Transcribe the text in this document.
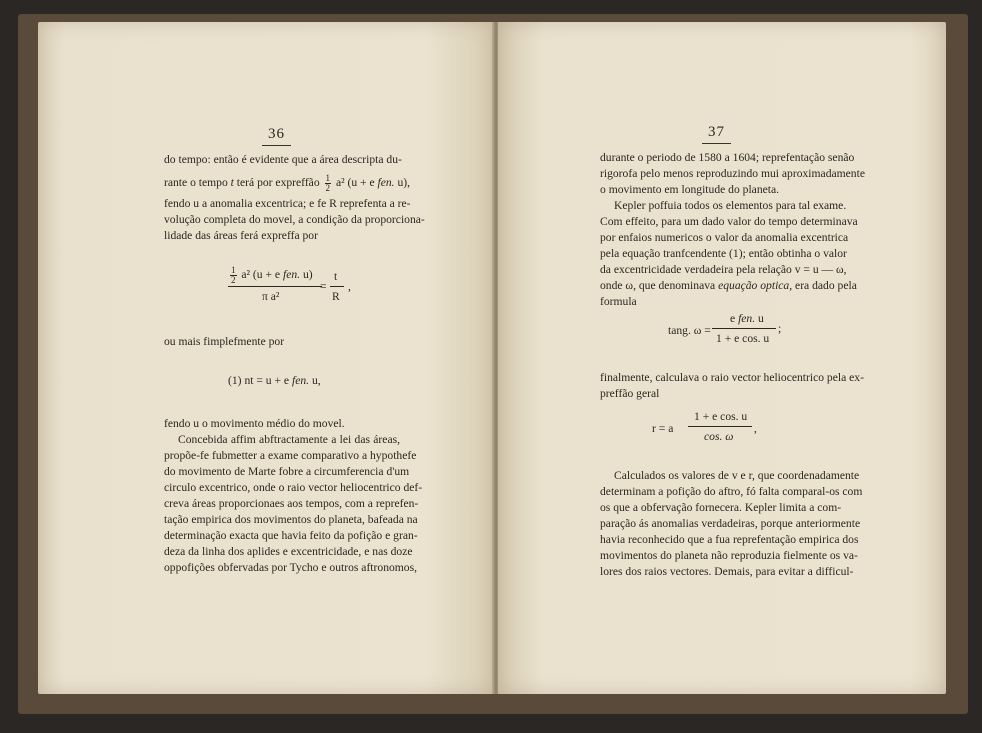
36
do tempo: então é evidente que a área descripta du-
rante o tempo t terá por expreffão $\frac{1}{2} a^2$ (u + e fen. u),
fendo u a anomalia excentrica; e fe R reprefenta a re-
volução completa do movel, a condição da proporciona-
lidade das áreas ferá expreffa por
$\frac{1}{2} a^2$ (u + e fen. u)
π a²
=
t
R
,
ou mais fimplefmente por
(1) nt = u + e fen. u,
fendo u o movimento médio do movel.
Concebida affim abftractamente a lei das áreas,
propõe-fe fubmetter a exame comparativo a hypothefe
do movimento de Marte fobre a circumferencia d'um
circulo excentrico, onde o raio vector heliocentrico def-
creva áreas proporcionaes aos tempos, com a reprefen-
tação empirica dos movimentos do planeta, bafeada na
determinação exacta que havia feito da pofição e gran-
deza da linha dos aplides e excentricidade, e nas doze
oppofições obfervadas por Tycho e outros aftronomos,
37
durante o periodo de 1580 a 1604; reprefentação senão
rigorofa pelo menos reproduzindo mui aproximadamente
o movimento em longitude do planeta.
Kepler poffuia todos os elementos para tal exame.
Com effeito, para um dado valor do tempo determinava
por enfaios numericos o valor da anomalia excentrica
pela equação tranfcendente (1); então obtinha o valor
da excentricidade verdadeira pela relação v = u — ω,
onde ω, que denominava equação optica, era dado pela
formula
tang. ω =
e fen. u
1 + e cos. u
;
finalmente, calculava o raio vector heliocentrico pela ex-
preffão geral
r = a
1 + e cos. u
cos. ω
,
Calculados os valores de v e r, que coordenadamente
determinam a pofição do aftro, fó falta comparal-os com
os que a obfervação fornecera. Kepler limita a com-
paração ás anomalias verdadeiras, porque anteriormente
havia reconhecido que a fua reprefentação empirica dos
movimentos do planeta não reproduzia fielmente os va-
lores dos raios vectores. Demais, para evitar a difficul-
